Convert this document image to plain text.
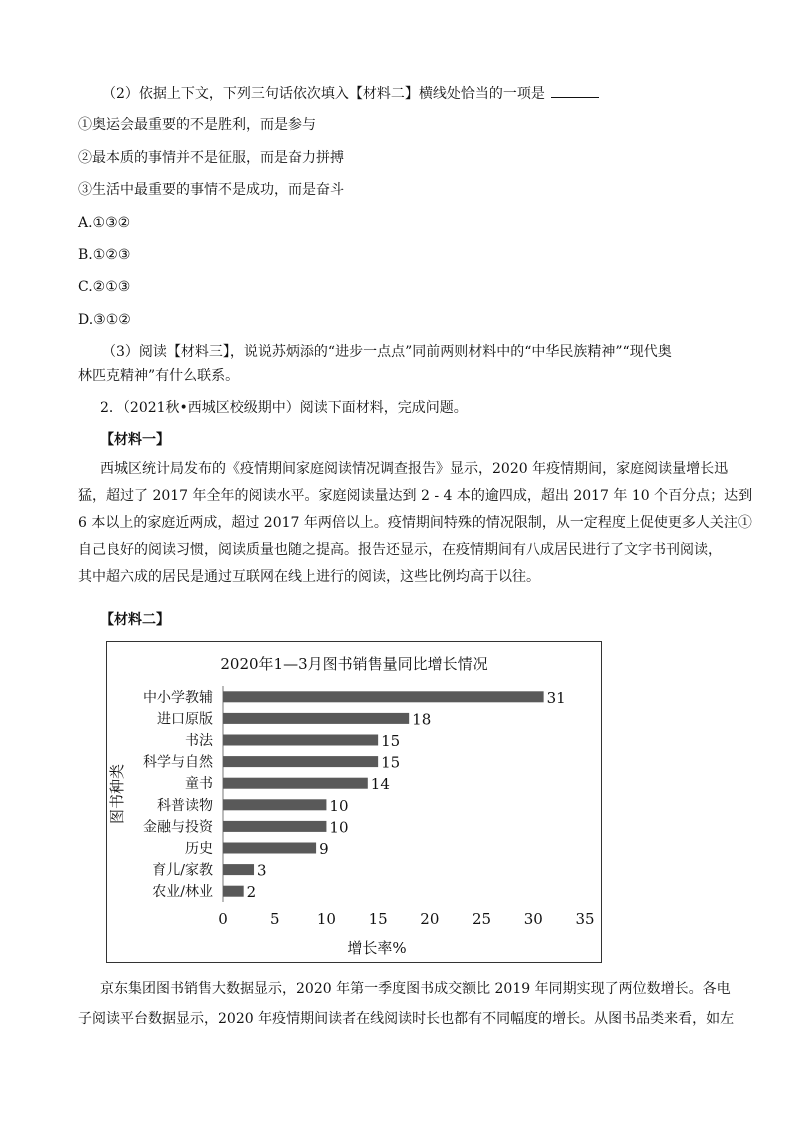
（2）依据上下文，下列三句话依次填入【材料二】横线处恰当的一项是
①奥运会最重要的不是胜利，而是参与
②最本质的事情并不是征服，而是奋力拼搏
③生活中最重要的事情不是成功，而是奋斗
A.①③②
B.①②③
C.②①③
D.③①②
（3）阅读【材料三】，说说苏炳添的“进步一点点”同前两则材料中的“中华民族精神”“现代奥
林匹克精神”有什么联系。
2．（2021秋•西城区校级期中）阅读下面材料，完成问题。
【材料一】
西城区统计局发布的《疫情期间家庭阅读情况调查报告》显示，2020 年疫情期间，家庭阅读量增长迅
猛，超过了 2017 年全年的阅读水平。家庭阅读量达到 2 - 4 本的逾四成，超出 2017 年 10 个百分点；达到
6 本以上的家庭近两成，超过 2017 年两倍以上。疫情期间特殊的情况限制，从一定程度上促使更多人关注①
自己良好的阅读习惯，阅读质量也随之提高。报告还显示，在疫情期间有八成居民进行了文字书刊阅读，
其中超六成的居民是通过互联网在线上进行的阅读，这些比例均高于以往。
【材料二】
2020年1—3月图书销售量同比增长情况
中小学教辅	31
进口原版	18
书法	15
科学与自然	15
童书	14
科普读物	10
金融与投资	10
历史	9
育儿/家教	3
农业/林业 2
0	5 10 15 20 25 30 35
增长率%
图书种类
京东集团图书销售大数据显示，2020 年第一季度图书成交额比 2019 年同期实现了两位数增长。各电
子阅读平台数据显示，2020 年疫情期间读者在线阅读时长也都有不同幅度的增长。从图书品类来看，如左
